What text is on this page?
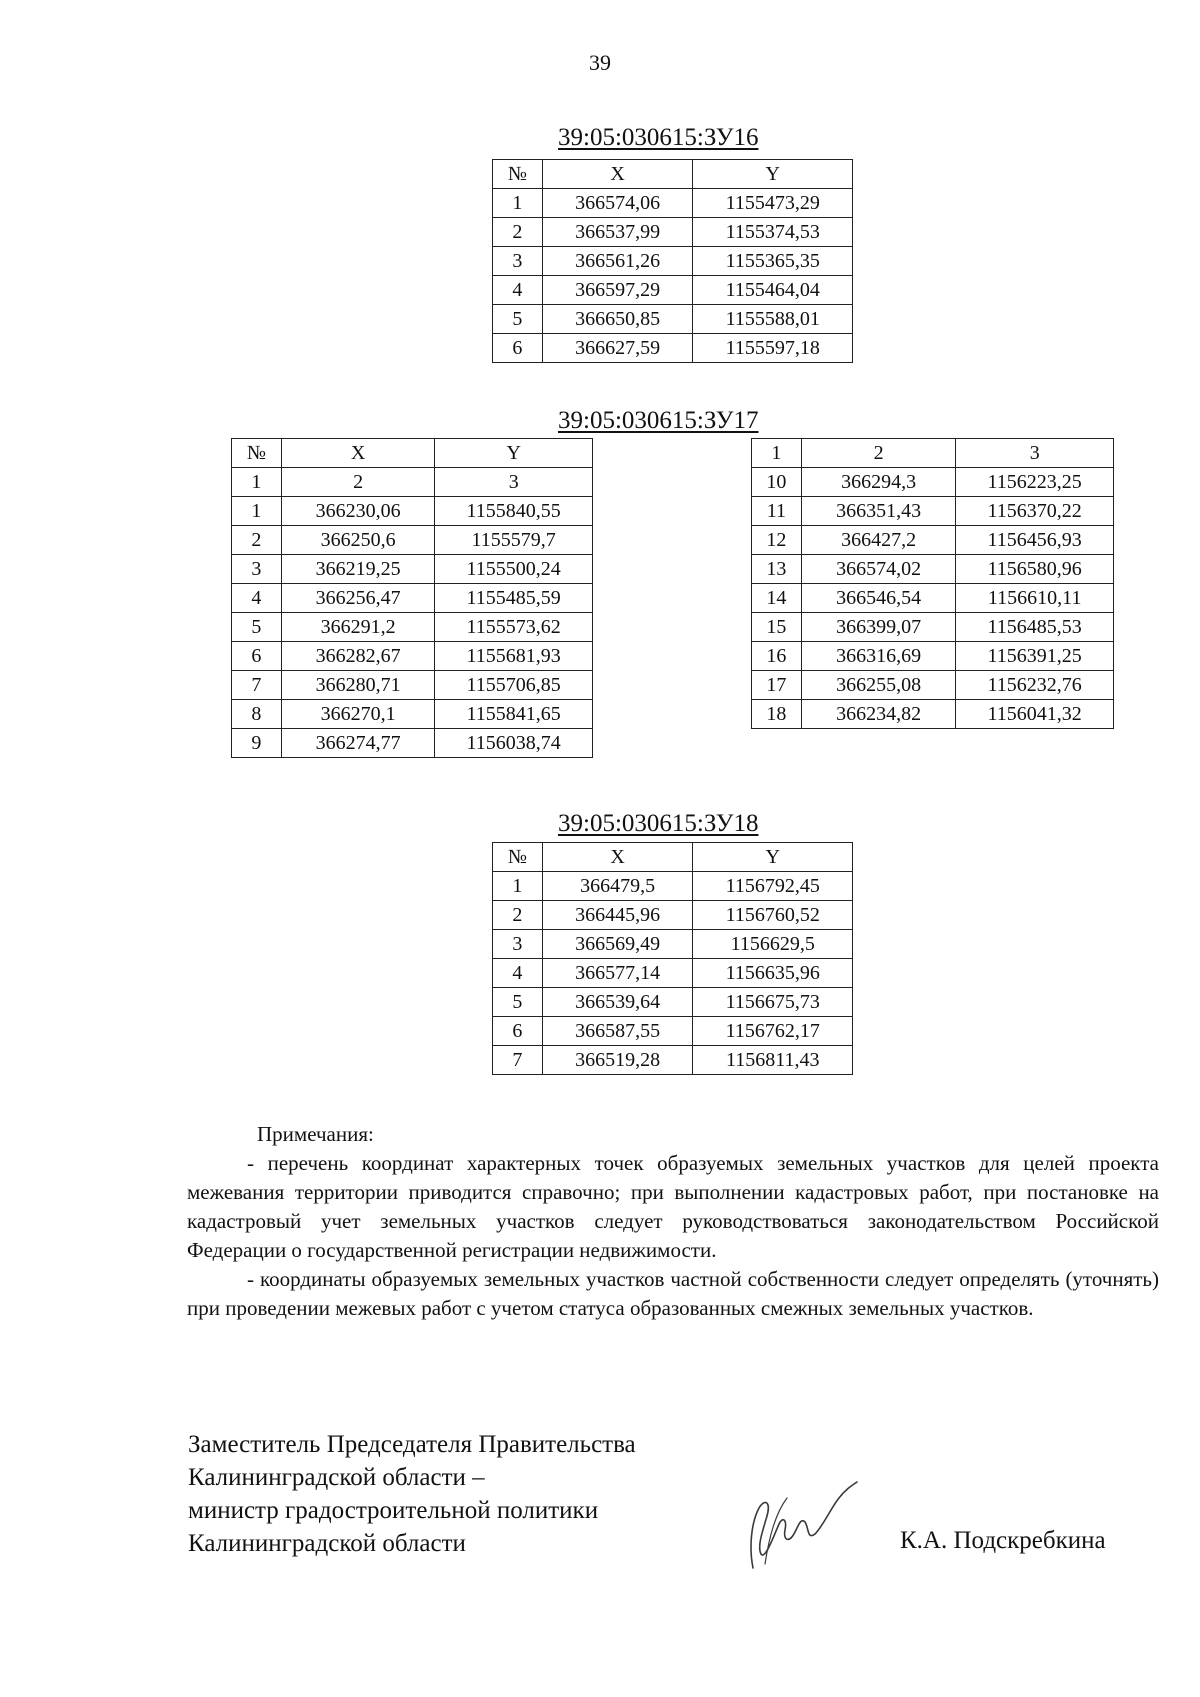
39
39:05:030615:ЗУ16
№	X	Y
1	366574,06	1155473,29
2	366537,99	1155374,53
3	366561,26	1155365,35
4	366597,29	1155464,04
5	366650,85	1155588,01
6	366627,59	1155597,18
39:05:030615:ЗУ17
№	X	Y
1	2	3
1	366230,06	1155840,55
2	366250,6	1155579,7
3	366219,25	1155500,24
4	366256,47	1155485,59
5	366291,2	1155573,62
6	366282,67	1155681,93
7	366280,71	1155706,85
8	366270,1	1155841,65
9	366274,77	1156038,74
1	2	3
10	366294,3	1156223,25
11	366351,43	1156370,22
12	366427,2	1156456,93
13	366574,02	1156580,96
14	366546,54	1156610,11
15	366399,07	1156485,53
16	366316,69	1156391,25
17	366255,08	1156232,76
18	366234,82	1156041,32
39:05:030615:ЗУ18
№	X	Y
1	366479,5	1156792,45
2	366445,96	1156760,52
3	366569,49	1156629,5
4	366577,14	1156635,96
5	366539,64	1156675,73
6	366587,55	1156762,17
7	366519,28	1156811,43

Примечания:

- перечень координат характерных точек образуемых земельных участков для целей проекта межевания территории приводится справочно; при выполнении кадастровых работ, при постановке на кадастровый учет земельных участков следует руководствоваться законодательством Российской Федерации о государственной регистрации недвижимости.

- координаты образуемых земельных участков частной собственности следует определять (уточнять) при проведении межевых работ с учетом статуса образованных смежных земельных участков.

Заместитель Председателя Правительства
Калининградской области –
министр градостроительной политики
Калининградской области	К.А. Подскребкина
